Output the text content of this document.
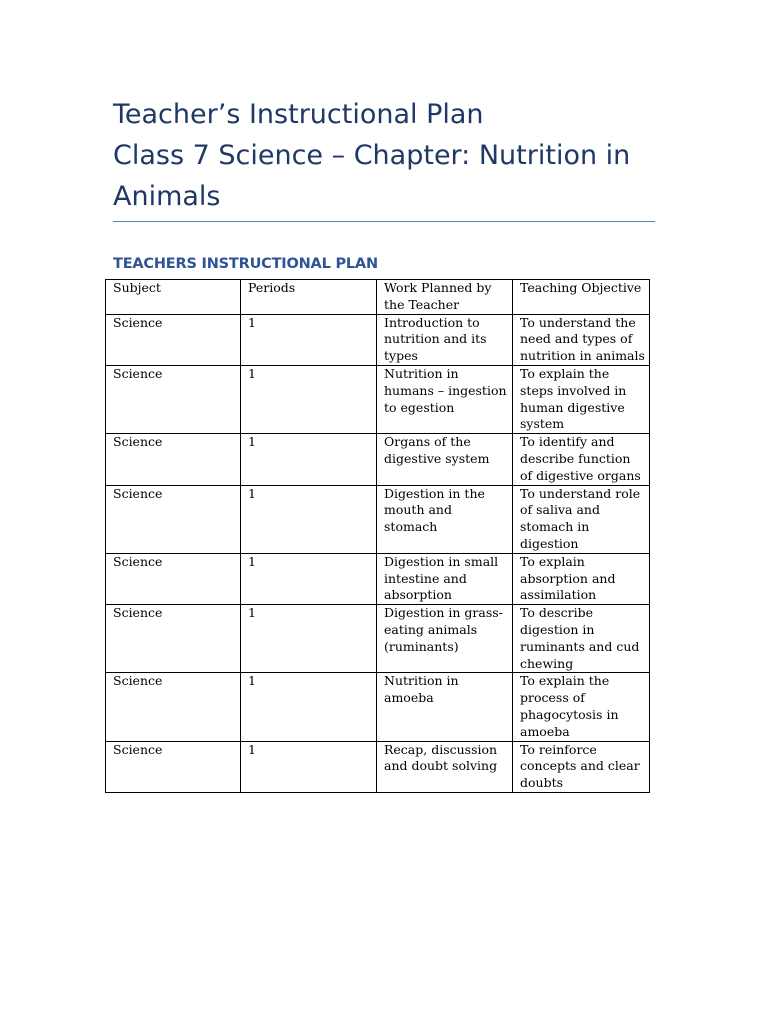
Teacher’s Instructional Plan
Class 7 Science – Chapter: Nutrition in
Animals
TEACHERS INSTRUCTIONAL PLAN
Subject	Periods	Work Planned by the Teacher	Teaching Objective
Science	1	Introduction to nutrition and its types	To understand the need and types of nutrition in animals
Science	1	Nutrition in humans – ingestion to egestion	To explain the steps involved in human digestive system
Science	1	Organs of the digestive system	To identify and describe function of digestive organs
Science	1	Digestion in the mouth and stomach	To understand role of saliva and stomach in digestion
Science	1	Digestion in small intestine and absorption	To explain absorption and assimilation
Science	1	Digestion in grass-eating animals (ruminants)	To describe digestion in ruminants and cud chewing
Science	1	Nutrition in amoeba	To explain the process of phagocytosis in amoeba
Science	1	Recap, discussion and doubt solving	To reinforce concepts and clear doubts
